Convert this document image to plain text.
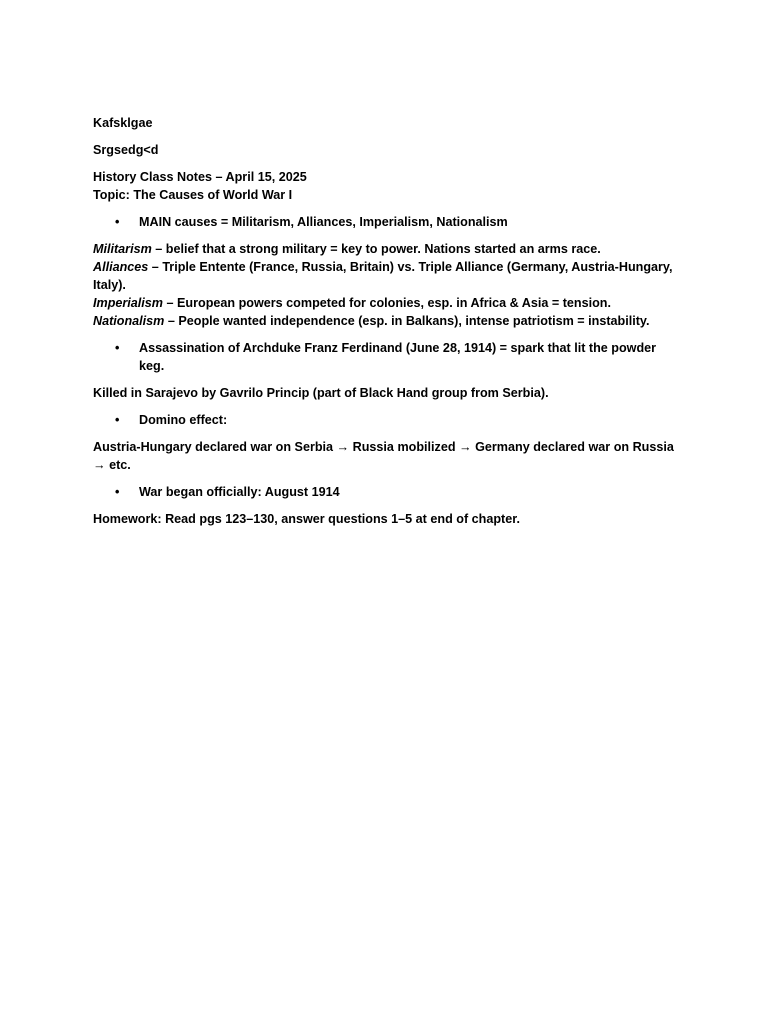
Kafsklgae

Srgsedg<d

History Class Notes – April 15, 2025
Topic: The Causes of World War I

• MAIN causes = Militarism, Alliances, Imperialism, Nationalism

Militarism – belief that a strong military = key to power. Nations started an arms race.
Alliances – Triple Entente (France, Russia, Britain) vs. Triple Alliance (Germany, Austria-Hungary, Italy).
Imperialism – European powers competed for colonies, esp. in Africa & Asia = tension.
Nationalism – People wanted independence (esp. in Balkans), intense patriotism = instability.

• Assassination of Archduke Franz Ferdinand (June 28, 1914) = spark that lit the powder keg.

Killed in Sarajevo by Gavrilo Princip (part of Black Hand group from Serbia).

• Domino effect:

Austria-Hungary declared war on Serbia → Russia mobilized → Germany declared war on Russia → etc.

• War began officially: August 1914

Homework: Read pgs 123–130, answer questions 1–5 at end of chapter.
